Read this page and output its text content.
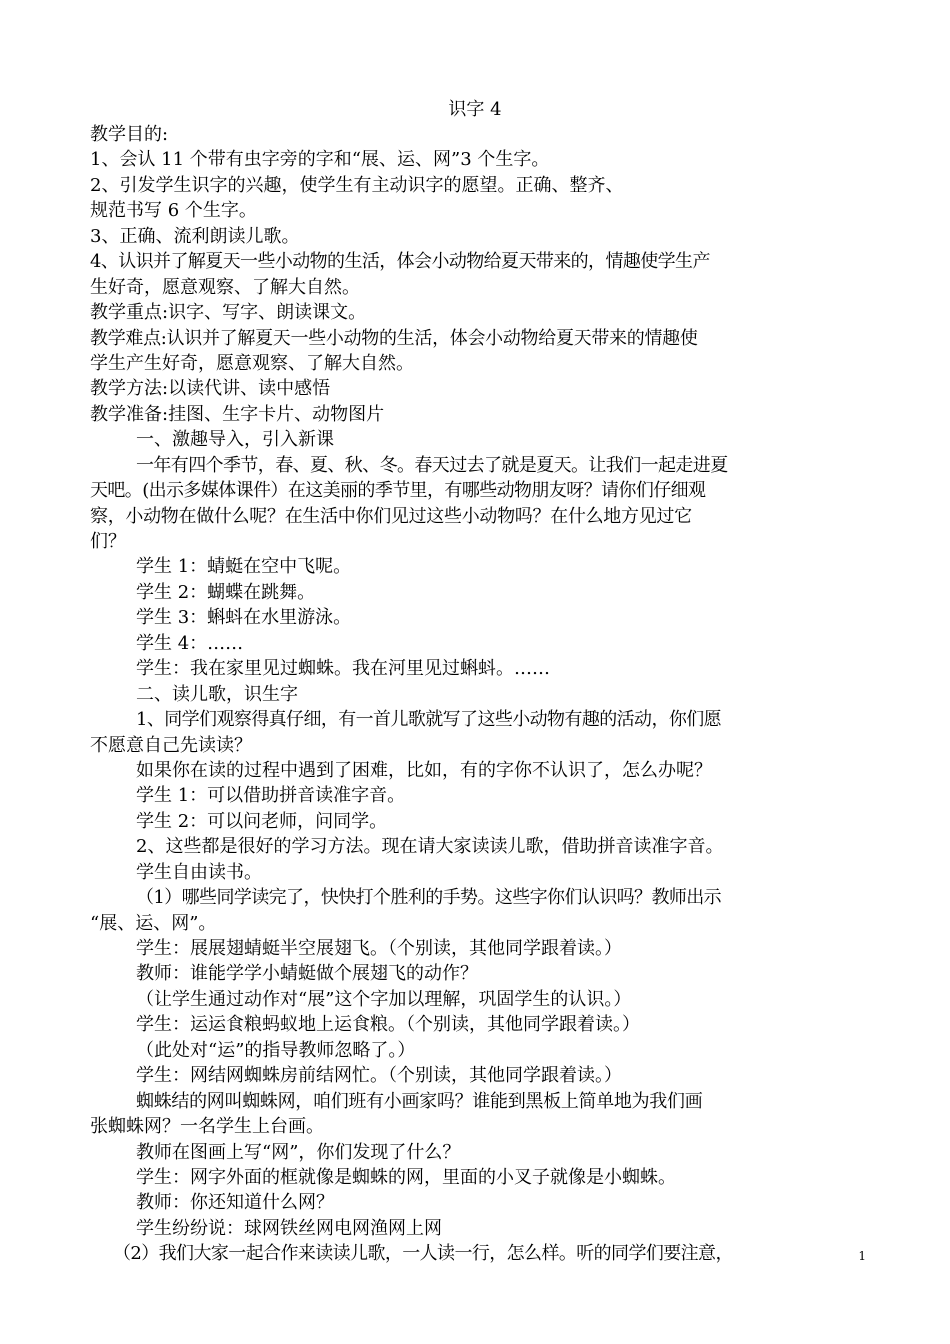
识字 4
教学目的:
1、会认 11 个带有虫字旁的字和“展、运、网”3 个生字。
2、引发学生识字的兴趣，使学生有主动识字的愿望。正确、整齐、
规范书写 6 个生字。
3、正确、流利朗读儿歌。
4、认识并了解夏天一些小动物的生活，体会小动物给夏天带来的，情趣使学生产
生好奇，愿意观察、了解大自然。
教学重点:识字、写字、朗读课文。
教学难点:认识并了解夏天一些小动物的生活，体会小动物给夏天带来的情趣使
学生产生好奇，愿意观察、了解大自然。
教学方法:以读代讲、读中感悟
教学准备:挂图、生字卡片、动物图片
一、激趣导入，引入新课
一年有四个季节，春、夏、秋、冬。春天过去了就是夏天。让我们一起走进夏
天吧。(出示多媒体课件）在这美丽的季节里，有哪些动物朋友呀？请你们仔细观
察，小动物在做什么呢？在生活中你们见过这些小动物吗？在什么地方见过它
们？
学生 1：蜻蜓在空中飞呢。
学生 2：蝴蝶在跳舞。
学生 3：蝌蚪在水里游泳。
学生 4：……
学生：我在家里见过蜘蛛。我在河里见过蝌蚪。……
二、读儿歌，识生字
1、同学们观察得真仔细，有一首儿歌就写了这些小动物有趣的活动，你们愿
不愿意自己先读读？
如果你在读的过程中遇到了困难，比如，有的字你不认识了，怎么办呢？
学生 1：可以借助拼音读准字音。
学生 2：可以问老师，问同学。
2、这些都是很好的学习方法。现在请大家读读儿歌，借助拼音读准字音。
学生自由读书。
（1）哪些同学读完了，快快打个胜利的手势。这些字你们认识吗？教师出示
“展、运、网”。
学生：展展翅蜻蜓半空展翅飞。（个别读，其他同学跟着读。）
教师：谁能学学小蜻蜓做个展翅飞的动作？
（让学生通过动作对“展”这个字加以理解，巩固学生的认识。）
学生：运运食粮蚂蚁地上运食粮。（个别读，其他同学跟着读。）
（此处对“运”的指导教师忽略了。）
学生：网结网蜘蛛房前结网忙。（个别读，其他同学跟着读。）
蜘蛛结的网叫蜘蛛网，咱们班有小画家吗？谁能到黑板上简单地为我们画
张蜘蛛网？一名学生上台画。
教师在图画上写“网”，你们发现了什么？
学生：网字外面的框就像是蜘蛛的网，里面的小叉子就像是小蜘蛛。
教师：你还知道什么网？
学生纷纷说：球网铁丝网电网渔网上网
（2）我们大家一起合作来读读儿歌，一人读一行，怎么样。听的同学们要注意，	1
